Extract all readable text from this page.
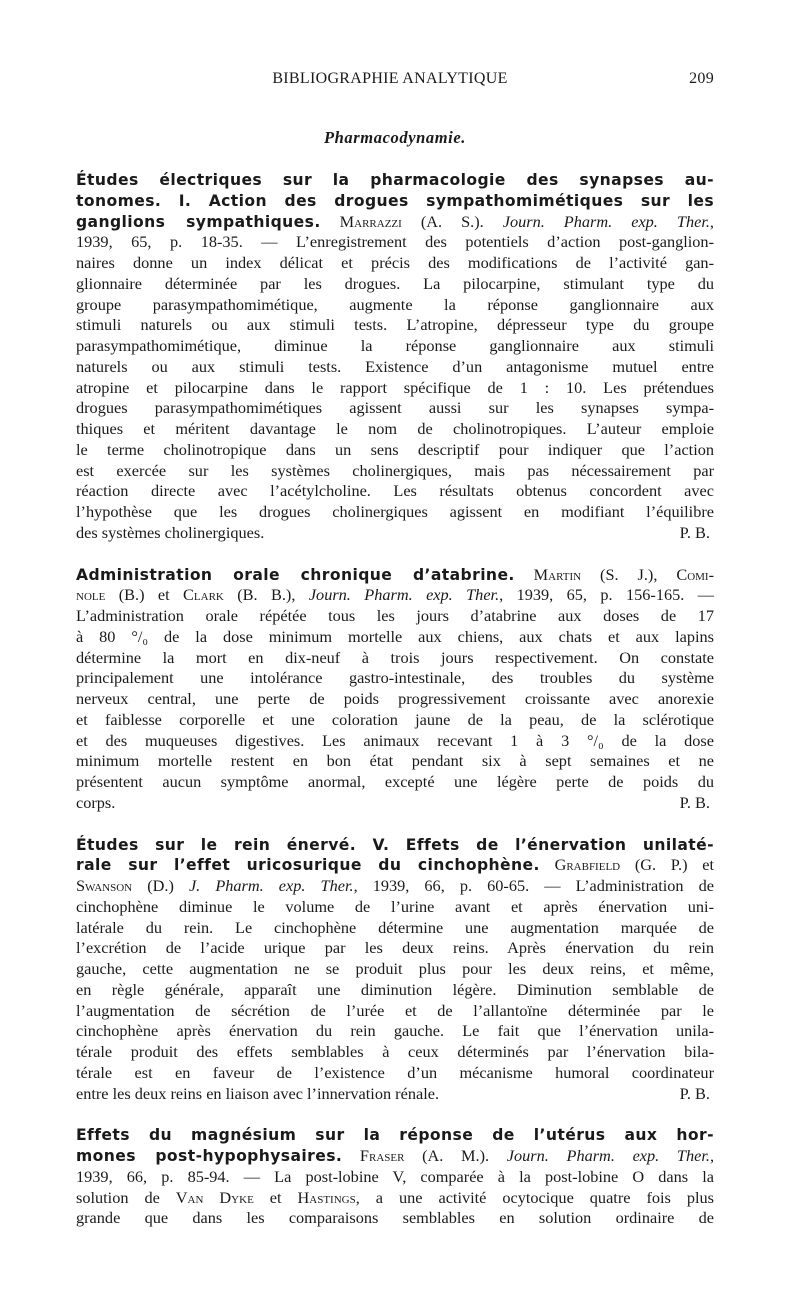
BIBLIOGRAPHIE ANALYTIQUE	209
Pharmacodynamie.

Études électriques sur la pharmacologie des synapses au-

tonomes. I. Action des drogues sympathomimétiques sur les

ganglions sympathiques. Marrazzi (A. S.). Journ. Pharm. exp. Ther.,

1939, 65, p. 18-35. — L’enregistrement des potentiels d’action post-ganglion-

naires donne un index délicat et précis des modifications de l’activité gan-

glionnaire déterminée par les drogues. La pilocarpine, stimulant type du

groupe parasympathomimétique, augmente la réponse ganglionnaire aux

stimuli naturels ou aux stimuli tests. L’atropine, dépresseur type du groupe

parasympathomimétique, diminue la réponse ganglionnaire aux stimuli

naturels ou aux stimuli tests. Existence d’un antagonisme mutuel entre

atropine et pilocarpine dans le rapport spécifique de 1 : 10. Les prétendues

drogues parasympathomimétiques agissent aussi sur les synapses sympa-

thiques et méritent davantage le nom de cholinotropiques. L’auteur emploie

le terme cholinotropique dans un sens descriptif pour indiquer que l’action

est exercée sur les systèmes cholinergiques, mais pas nécessairement par

réaction directe avec l’acétylcholine. Les résultats obtenus concordent avec

l’hypothèse que les drogues cholinergiques agissent en modifiant l’équilibre

des systèmes cholinergiques.	P. B.

Administration orale chronique d’atabrine. Martin (S. J.), Comi-

nole (B.) et Clark (B. B.), Journ. Pharm. exp. Ther., 1939, 65, p. 156-165. —

L’administration orale répétée tous les jours d’atabrine aux doses de 17

à 80 °/₀ de la dose minimum mortelle aux chiens, aux chats et aux lapins

détermine la mort en dix-neuf à trois jours respectivement. On constate

principalement une intolérance gastro-intestinale, des troubles du système

nerveux central, une perte de poids progressivement croissante avec anorexie

et faiblesse corporelle et une coloration jaune de la peau, de la sclérotique

et des muqueuses digestives. Les animaux recevant 1 à 3 °/₀ de la dose

minimum mortelle restent en bon état pendant six à sept semaines et ne

présentent aucun symptôme anormal, excepté une légère perte de poids du

corps.	P. B.

Études sur le rein énervé. V. Effets de l’énervation unilaté-

rale sur l’effet uricosurique du cinchophène. Grabfield (G. P.) et

Swanson (D.) J. Pharm. exp. Ther., 1939, 66, p. 60-65. — L’administration de

cinchophène diminue le volume de l’urine avant et après énervation uni-

latérale du rein. Le cinchophène détermine une augmentation marquée de

l’excrétion de l’acide urique par les deux reins. Après énervation du rein

gauche, cette augmentation ne se produit plus pour les deux reins, et même,

en règle générale, apparaît une diminution légère. Diminution semblable de

l’augmentation de sécrétion de l’urée et de l’allantoïne déterminée par le

cinchophène après énervation du rein gauche. Le fait que l’énervation unila-

térale produit des effets semblables à ceux déterminés par l’énervation bila-

térale est en faveur de l’existence d’un mécanisme humoral coordinateur

entre les deux reins en liaison avec l’innervation rénale.	P. B.

Effets du magnésium sur la réponse de l’utérus aux hor-

mones post-hypophysaires. Fraser (A. M.). Journ. Pharm. exp. Ther.,

1939, 66, p. 85-94. — La post-lobine V, comparée à la post-lobine O dans la

solution de Van Dyke et Hastings, a une activité ocytocique quatre fois plus

grande que dans les comparaisons semblables en solution ordinaire de
